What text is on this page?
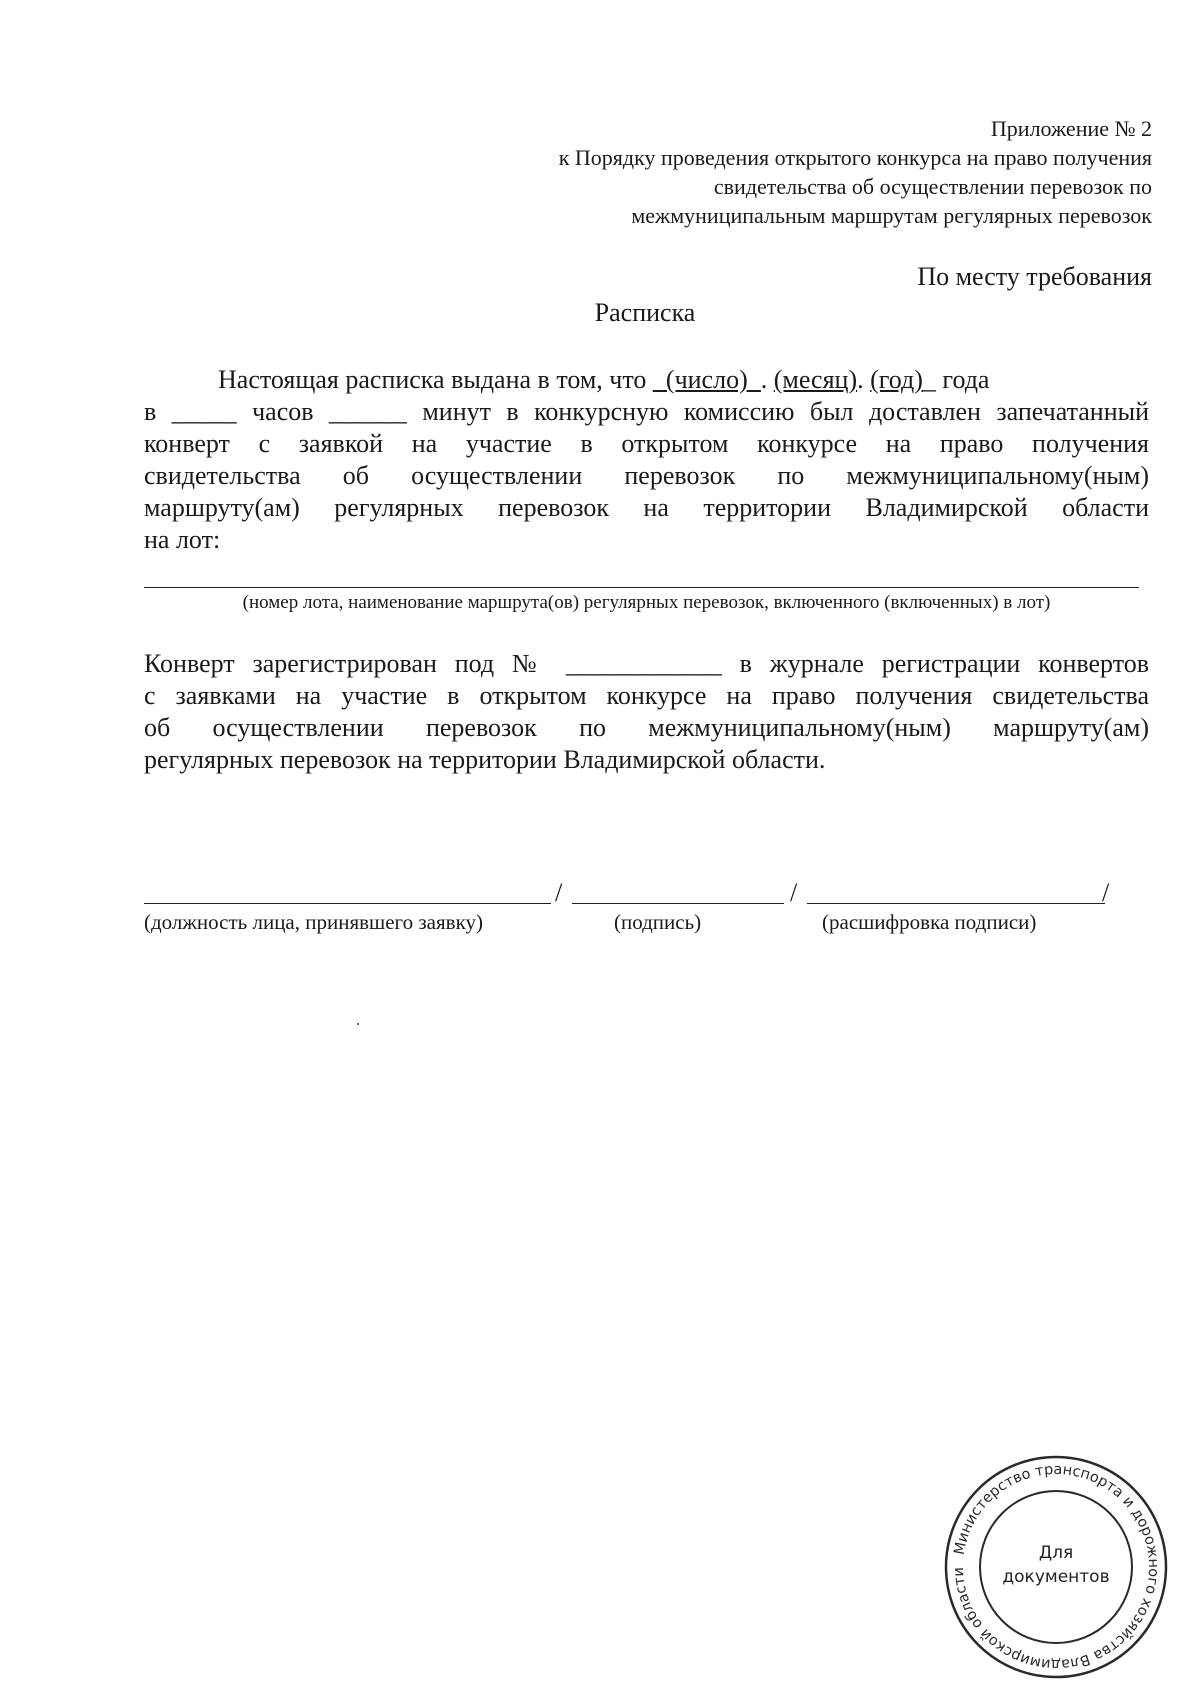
Приложение № 2
к Порядку проведения открытого конкурса на право получения
свидетельства об осуществлении перевозок по
межмуниципальным маршрутам регулярных перевозок
По месту требования
Расписка
Настоящая расписка выдана в том, что _(число)_. (месяц). (год)_ года
в _____ часов ______ минут в конкурсную комиссию был доставлен запечатанный
конверт с заявкой на участие в открытом конкурсе на право получения
свидетельства об осуществлении перевозок по межмуниципальному(ным)
маршруту(ам) регулярных перевозок на территории Владимирской области
на лот:
(номер лота, наименование маршрута(ов) регулярных перевозок, включенного (включенных) в лот)
Конверт зарегистрирован под № ____________ в журнале регистрации конвертов
с заявками на участие в открытом конкурсе на право получения свидетельства
об осуществлении перевозок по межмуниципальному(ным) маршруту(ам)
регулярных перевозок на территории Владимирской области.
/	/	/
(должность лица, принявшего заявку)	(подпись)	(расшифровка подписи)
Министерство транспорта и дорожного хозяйства Владимирской области
Для
документов
